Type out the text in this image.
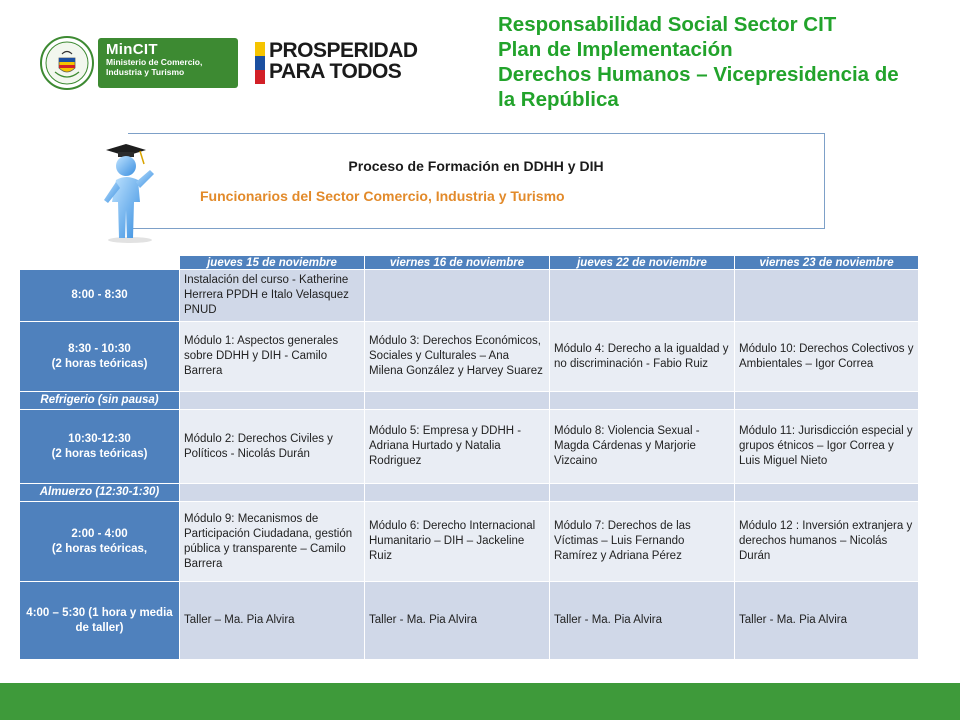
MinCIT
Ministerio de Comercio, Industria y Turismo
PROSPERIDAD
PARA TODOS
Responsabilidad Social Sector CIT
Plan de Implementación
Derechos Humanos – Vicepresidencia de
la República
Proceso de Formación en DDHH y DIH
Funcionarios del Sector Comercio, Industria y Turismo
	jueves 15 de noviembre	viernes 16 de noviembre	jueves 22 de noviembre	viernes 23 de noviembre
8:00 - 8:30	Instalación del curso - Katherine Herrera PPDH e Italo Velasquez PNUD			
8:30 - 10:30
(2 horas teóricas)	Módulo 1: Aspectos generales sobre DDHH y DIH - Camilo Barrera	Módulo 3: Derechos Económicos, Sociales y Culturales – Ana Milena González y Harvey Suarez	Módulo 4: Derecho a la igualdad y no discriminación - Fabio Ruiz	Módulo 10: Derechos Colectivos y Ambientales – Igor Correa
Refrigerio (sin pausa)				
10:30-12:30
(2 horas teóricas)	Módulo 2: Derechos Civiles y Políticos - Nicolás Durán	Módulo 5: Empresa y DDHH - Adriana Hurtado y Natalia Rodriguez	Módulo 8: Violencia Sexual - Magda Cárdenas y Marjorie Vizcaino	Módulo 11: Jurisdicción especial y grupos étnicos – Igor Correa y Luis Miguel Nieto
Almuerzo (12:30-1:30)				
2:00 - 4:00
(2 horas teóricas,	Módulo 9: Mecanismos de Participación Ciudadana, gestión pública y transparente – Camilo Barrera	Módulo 6: Derecho Internacional Humanitario – DIH – Jackeline Ruiz	Módulo 7: Derechos de las Víctimas – Luis Fernando Ramírez y Adriana Pérez	Módulo 12 : Inversión extranjera y derechos humanos – Nicolás Durán
4:00 – 5:30 (1 hora y media de taller)	Taller – Ma. Pia Alvira	Taller - Ma. Pia Alvira	Taller - Ma. Pia Alvira	Taller - Ma. Pia Alvira
